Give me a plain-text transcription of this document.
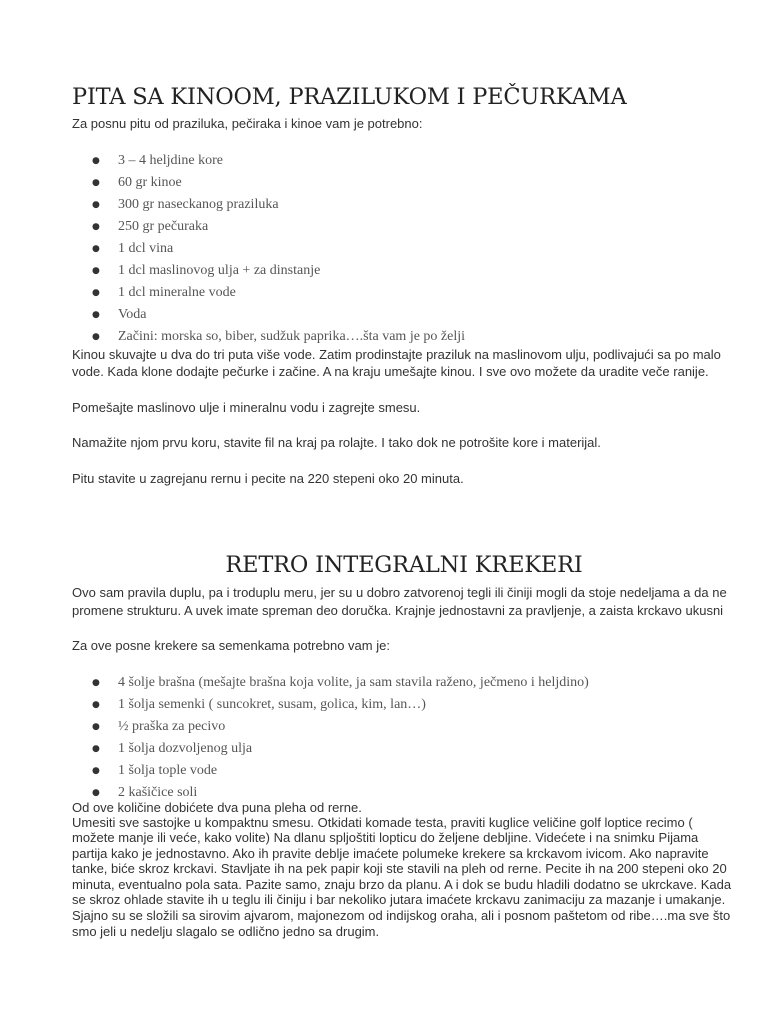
PITA SA KINOOM, PRAZILUKOM I PEČURKAMA

Za posnu pitu od praziluka, pečiraka i kinoe vam je potrebno:

● 3 – 4 heljdine kore
● 60 gr kinoe
● 300 gr naseckanog praziluka
● 250 gr pečuraka
● 1 dcl vina
● 1 dcl maslinovog ulja + za dinstanje
● 1 dcl mineralne vode
● Voda
● Začini: morska so, biber, sudžuk paprika….šta vam je po želji

Kinou skuvajte u dva do tri puta više vode. Zatim prodinstajte praziluk na maslinovom ulju, podlivajući sa po malo vode. Kada klone dodajte pečurke i začine. A na kraju umešajte kinou. I sve ovo možete da uradite veče ranije.

Pomešajte maslinovo ulje i mineralnu vodu i zagrejte smesu.

Namažite njom prvu koru, stavite fil na kraj pa rolajte. I tako dok ne potrošite kore i materijal.

Pitu stavite u zagrejanu rernu i pecite na 220 stepeni oko 20 minuta.

RETRO INTEGRALNI KREKERI

Ovo sam pravila duplu, pa i troduplu meru, jer su u dobro zatvorenoj tegli ili činiji mogli da stoje nedeljama a da ne promene strukturu. A uvek imate spreman deo doručka. Krajnje jednostavni za pravljenje, a zaista krckavo ukusni

Za ove posne krekere sa semenkama potrebno vam je:

● 4 šolje brašna (mešajte brašna koja volite, ja sam stavila raženo, ječmeno i heljdino)
● 1 šolja semenki ( suncokret, susam, golica, kim, lan…)
● ½ praška za pecivo
● 1 šolja dozvoljenog ulja
● 1 šolja tople vode
● 2 kašičice soli

Od ove količine dobićete dva puna pleha od rerne.

Umesiti sve sastojke u kompaktnu smesu. Otkidati komade testa, praviti kuglice veličine golf loptice recimo ( možete manje ili veće, kako volite) Na dlanu spljoštiti lopticu do željene debljine. Videćete i na snimku Pijama partija kako je jednostavno. Ako ih pravite deblje imaćete polumeke krekere sa krckavom ivicom. Ako napravite tanke, biće skroz krckavi. Stavljate ih na pek papir koji ste stavili na pleh od rerne. Pecite ih na 200 stepeni oko 20 minuta, eventualno pola sata. Pazite samo, znaju brzo da planu. A i dok se budu hladili dodatno se ukrckave. Kada se skroz ohlade stavite ih u teglu ili činiju i bar nekoliko jutara imaćete krckavu zanimaciju za mazanje i umakanje. Sjajno su se složili sa sirovim ajvarom, majonezom od indijskog oraha, ali i posnom paštetom od ribe….ma sve što smo jeli u nedelju slagalo se odlično jedno sa drugim.
